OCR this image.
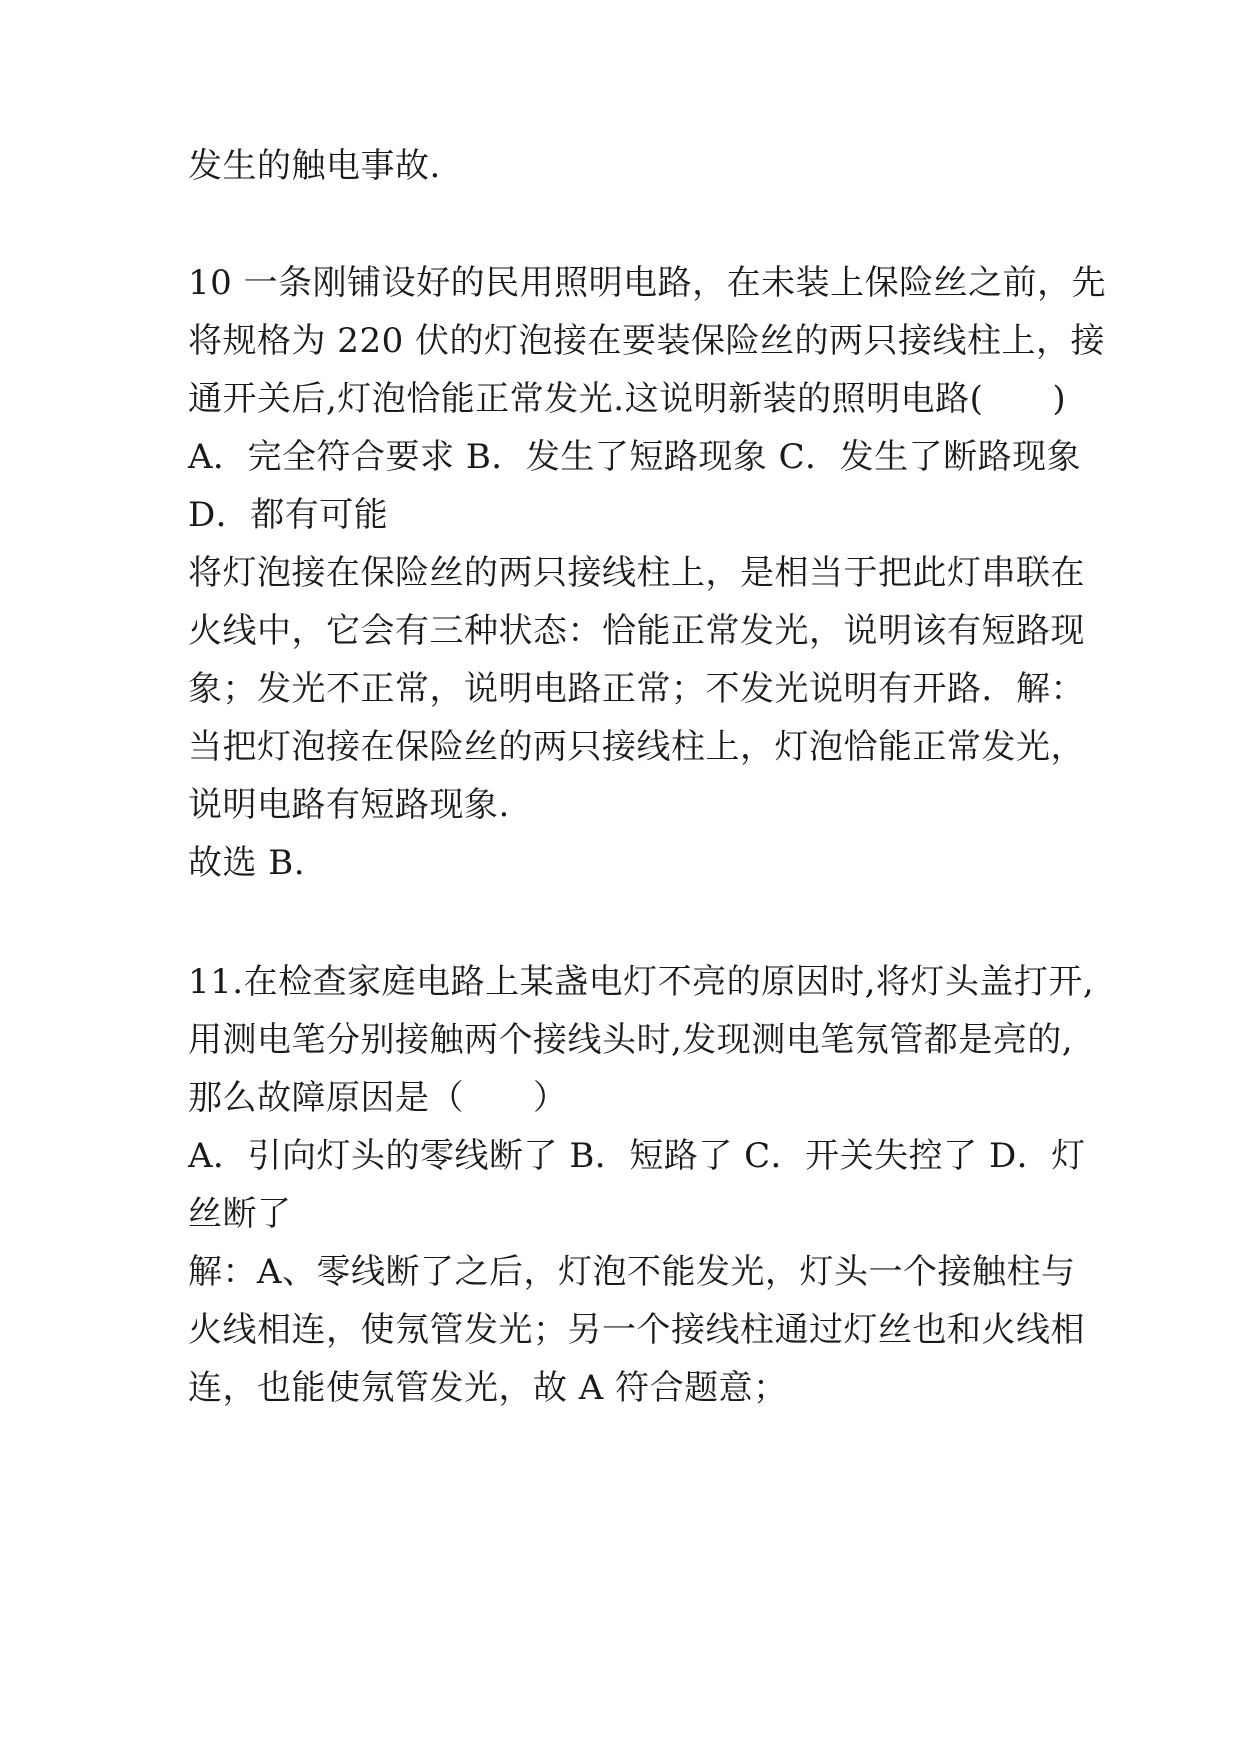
发生的触电事故.
10 一条刚铺设好的民用照明电路，在未装上保险丝之前，先
将规格为 220 伏的灯泡接在要装保险丝的两只接线柱上，接
通开关后,灯泡恰能正常发光.这说明新装的照明电路(　　)
A．完全符合要求 B．发生了短路现象 C．发生了断路现象
D．都有可能
将灯泡接在保险丝的两只接线柱上，是相当于把此灯串联在
火线中，它会有三种状态：恰能正常发光，说明该有短路现
象；发光不正常，说明电路正常；不发光说明有开路．解：
当把灯泡接在保险丝的两只接线柱上，灯泡恰能正常发光，
说明电路有短路现象.
故选 B.
11.在检查家庭电路上某盏电灯不亮的原因时,将灯头盖打开,
用测电笔分别接触两个接线头时,发现测电笔氖管都是亮的,
那么故障原因是（　　）
A．引向灯头的零线断了 B．短路了 C．开关失控了 D．灯
丝断了
解：A、零线断了之后，灯泡不能发光，灯头一个接触柱与
火线相连，使氖管发光；另一个接线柱通过灯丝也和火线相
连，也能使氖管发光，故 A 符合题意；
